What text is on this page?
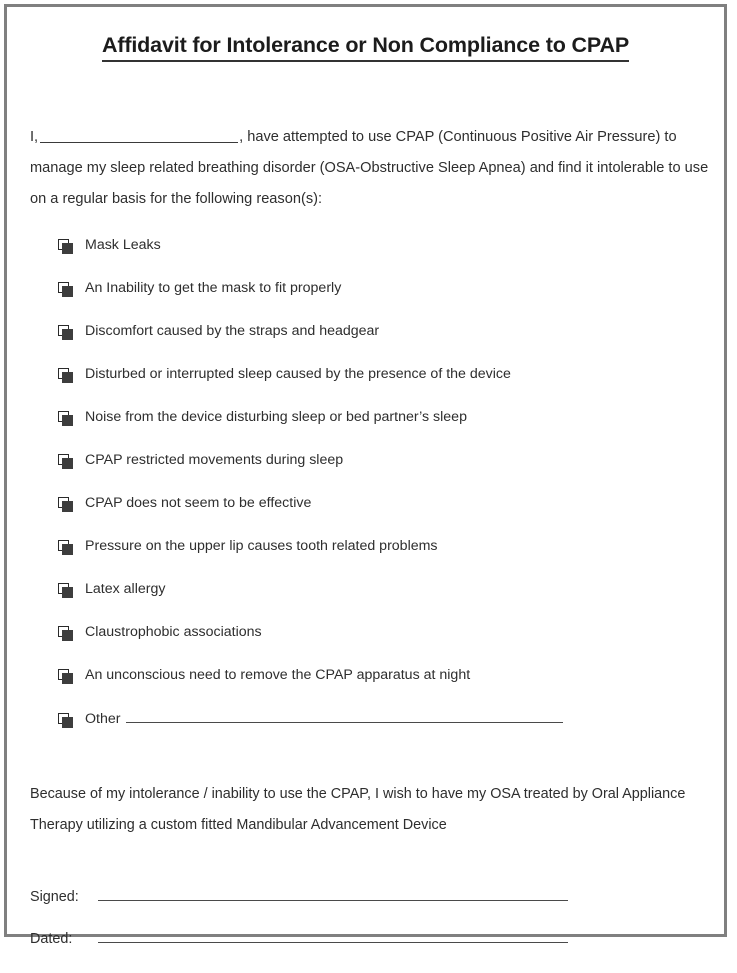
Affidavit for Intolerance or Non Compliance to CPAP

I,	, have attempted to use CPAP (Continuous Positive Air Pressure) to manage my sleep related breathing disorder (OSA-Obstructive Sleep Apnea) and find it intolerable to use on a regular basis for the following reason(s):

Mask Leaks
An Inability to get the mask to fit properly
Discomfort caused by the straps and headgear
Disturbed or interrupted sleep caused by the presence of the device
Noise from the device disturbing sleep or bed partner’s sleep
CPAP restricted movements during sleep
CPAP does not seem to be effective
Pressure on the upper lip causes tooth related problems
Latex allergy
Claustrophobic associations
An unconscious need to remove the CPAP apparatus at night
Other

Because of my intolerance / inability to use the CPAP, I wish to have my OSA treated by Oral Appliance Therapy utilizing a custom fitted Mandibular Advancement Device

Signed:
Dated:
